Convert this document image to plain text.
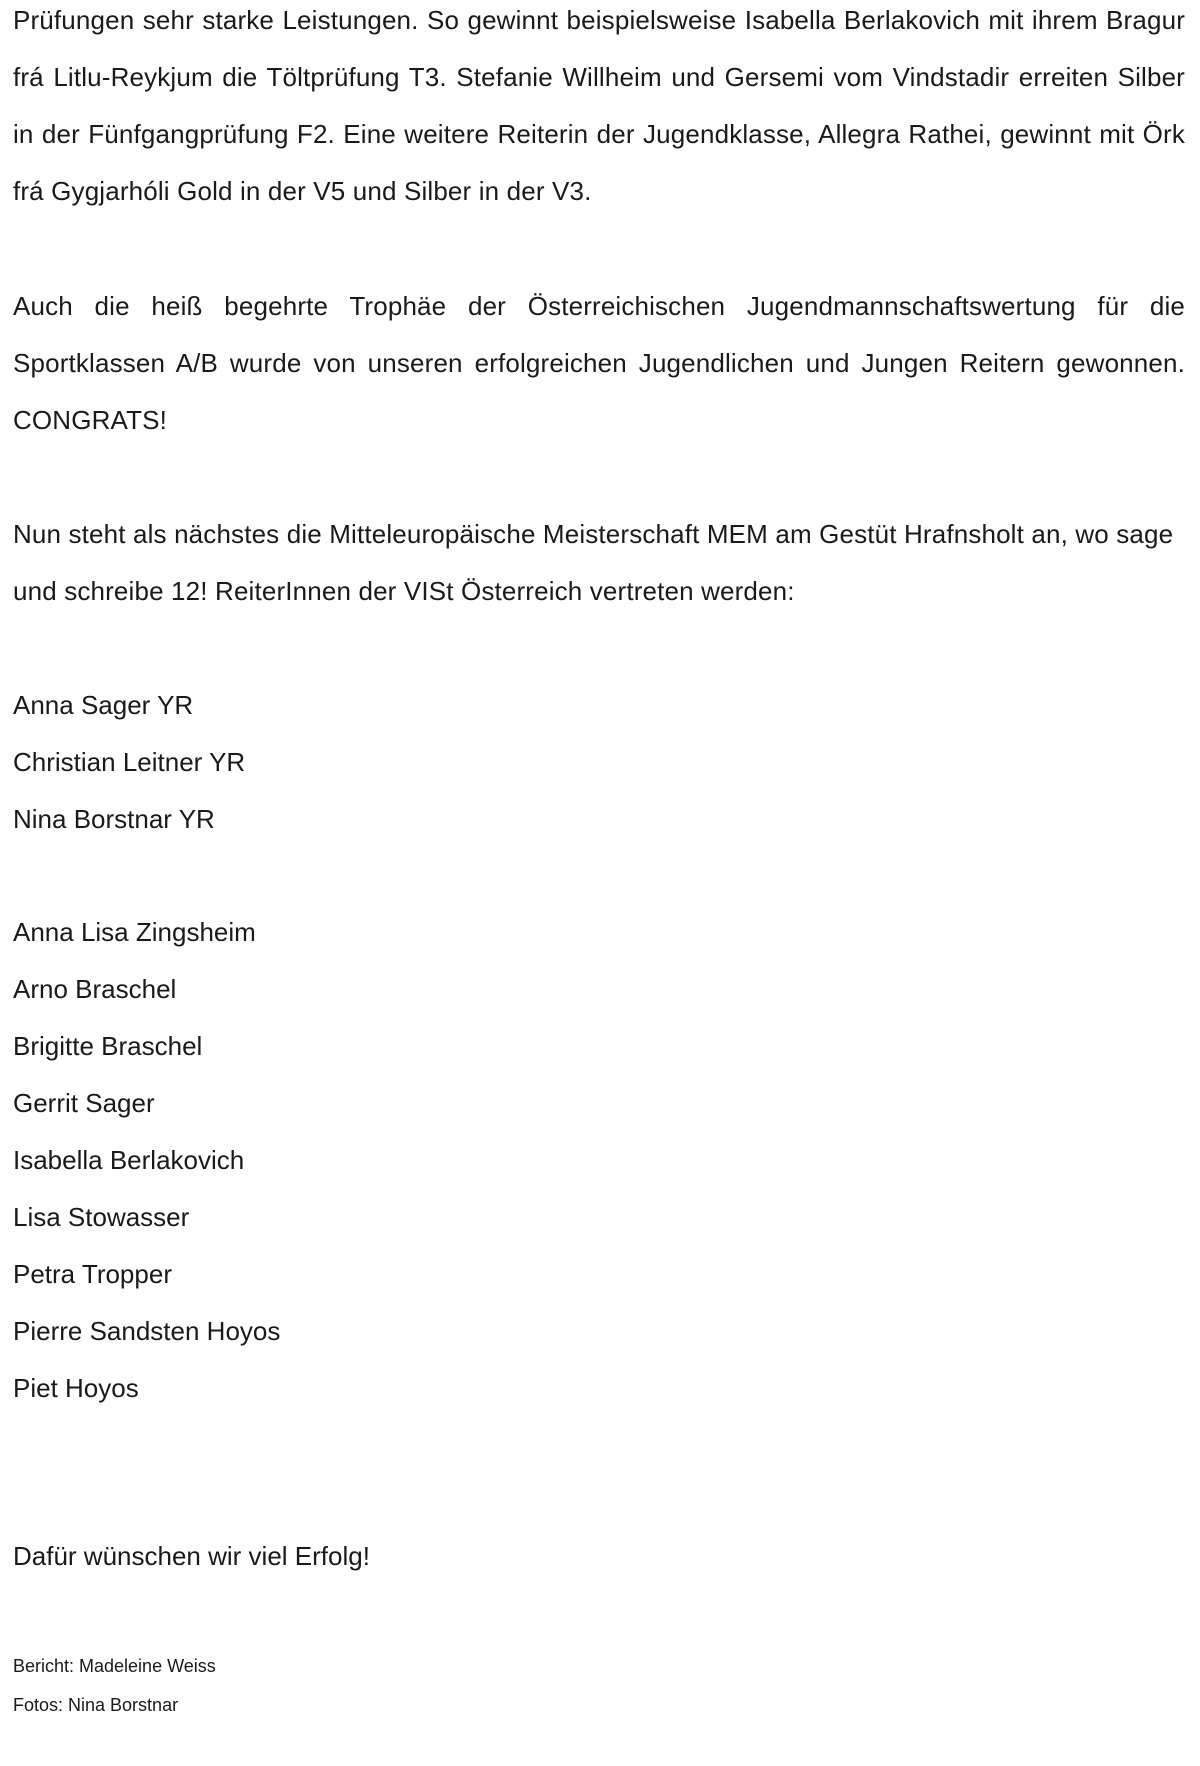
Prüfungen sehr starke Leistungen. So gewinnt beispielsweise Isabella Berlakovich mit ihrem Bragur frá Litlu-Reykjum die Töltprüfung T3. Stefanie Willheim und Gersemi vom Vindstadir erreiten Silber in der Fünfgangprüfung F2. Eine weitere Reiterin der Jugendklasse, Allegra Rathei, gewinnt mit Örk frá Gygjarhóli Gold in der V5 und Silber in der V3.

Auch die heiß begehrte Trophäe der Österreichischen Jugendmannschaftswertung für die Sportklassen A/B wurde von unseren erfolgreichen Jugendlichen und Jungen Reitern gewonnen. CONGRATS!

Nun steht als nächstes die Mitteleuropäische Meisterschaft MEM am Gestüt Hrafnsholt an, wo sage und schreibe 12! ReiterInnen der VISt Österreich vertreten werden:

Anna Sager YR
Christian Leitner YR
Nina Borstnar YR
Anna Lisa Zingsheim
Arno Braschel
Brigitte Braschel
Gerrit Sager
Isabella Berlakovich
Lisa Stowasser
Petra Tropper
Pierre Sandsten Hoyos
Piet Hoyos

Dafür wünschen wir viel Erfolg!

Bericht: Madeleine Weiss

Fotos: Nina Borstnar
